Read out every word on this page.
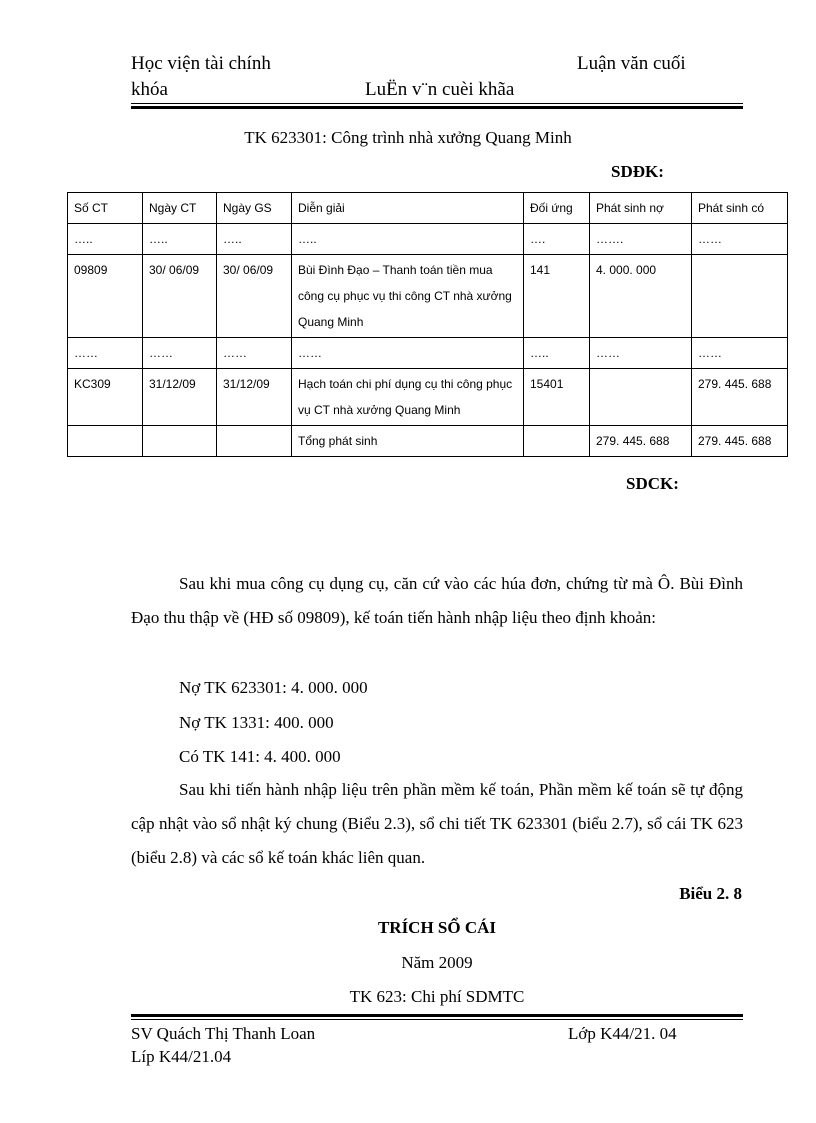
Học viện tài chính	Luận văn cuối
khóa	LuËn v¨n cuèi khãa
TK 623301: Công trình nhà xưởng Quang Minh
SDĐK:
Số CT	Ngày CT	Ngày GS	Diễn giải	Đối ứng	Phát sinh nợ	Phát sinh có
…..	…..	…..	…..	….	…….	……
09809	30/ 06/09	30/ 06/09	Bùi Đình Đạo – Thanh toán tiền mua công cụ phục vụ thi công CT nhà xưởng Quang Minh	141	4. 000. 000	
……	……	……	……	…..	……	……
KC309	31/12/09	31/12/09	Hạch toán chi phí dụng cụ thi công phục vụ CT nhà xưởng Quang Minh	15401		279. 445. 688
			Tổng phát sinh		279. 445. 688	279. 445. 688
SDCK:
Sau khi mua công cụ dụng cụ, căn cứ vào các húa đơn, chứng từ mà Ô. Bùi Đình Đạo thu thập về (HĐ số 09809), kế toán tiến hành nhập liệu theo định khoản:
Nợ TK 623301: 4. 000. 000
Nợ TK 1331: 400. 000
Có TK 141: 4. 400. 000
Sau khi tiến hành nhập liệu trên phần mềm kế toán, Phần mềm kế toán sẽ tự động cập nhật vào sổ nhật ký chung (Biểu 2.3), sổ chi tiết TK 623301 (biểu 2.7), sổ cái TK 623 (biểu 2.8) và các sổ kế toán khác liên quan.
Biểu 2. 8
TRÍCH SỔ CÁI
Năm 2009
TK 623: Chi phí SDMTC
SV Quách Thị Thanh Loan	Lớp K44/21. 04
Líp K44/21.04
